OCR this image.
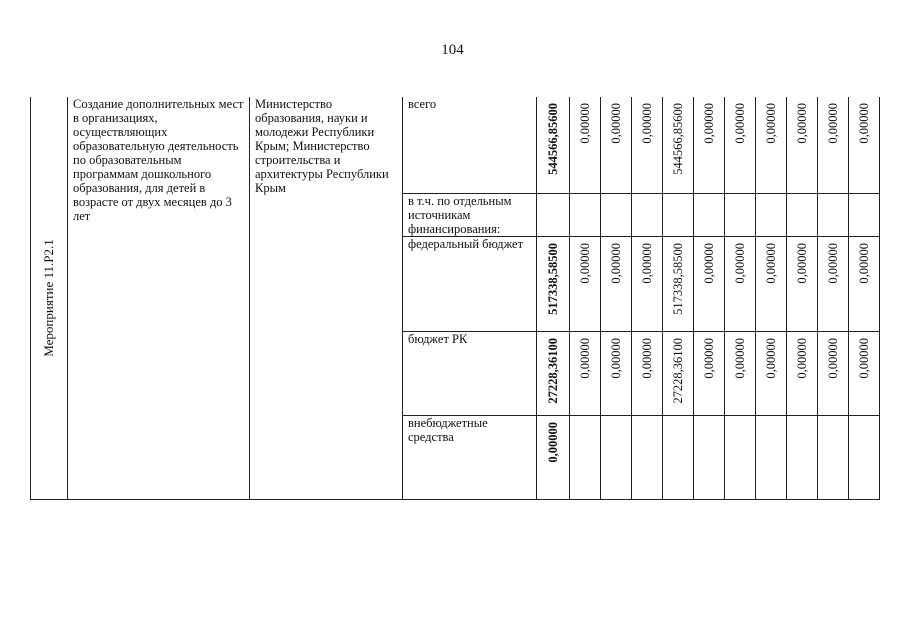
104
Мероприятие 11.Р2.1	Создание дополнительных мест в организациях, осуществляющих образовательную деятельность по образовательным программам дошкольного образования, для детей в возрасте от двух месяцев до 3 лет	Министерство образования, науки и молодежи Республики Крым; Министерство строительства и архитектуры Республики Крым	всего	544566,85600	0,00000	0,00000	0,00000	544566,85600	0,00000	0,00000	0,00000	0,00000	0,00000	0,00000

			в т.ч. по отдельным источникам финансирования:											

			федеральный бюджет	517338,58500	0,00000	0,00000	0,00000	517338,58500	0,00000	0,00000	0,00000	0,00000	0,00000	0,00000

			бюджет РК	27228,36100	0,00000	0,00000	0,00000	27228,36100	0,00000	0,00000	0,00000	0,00000	0,00000	0,00000

			внебюджетные средства	0,00000										
